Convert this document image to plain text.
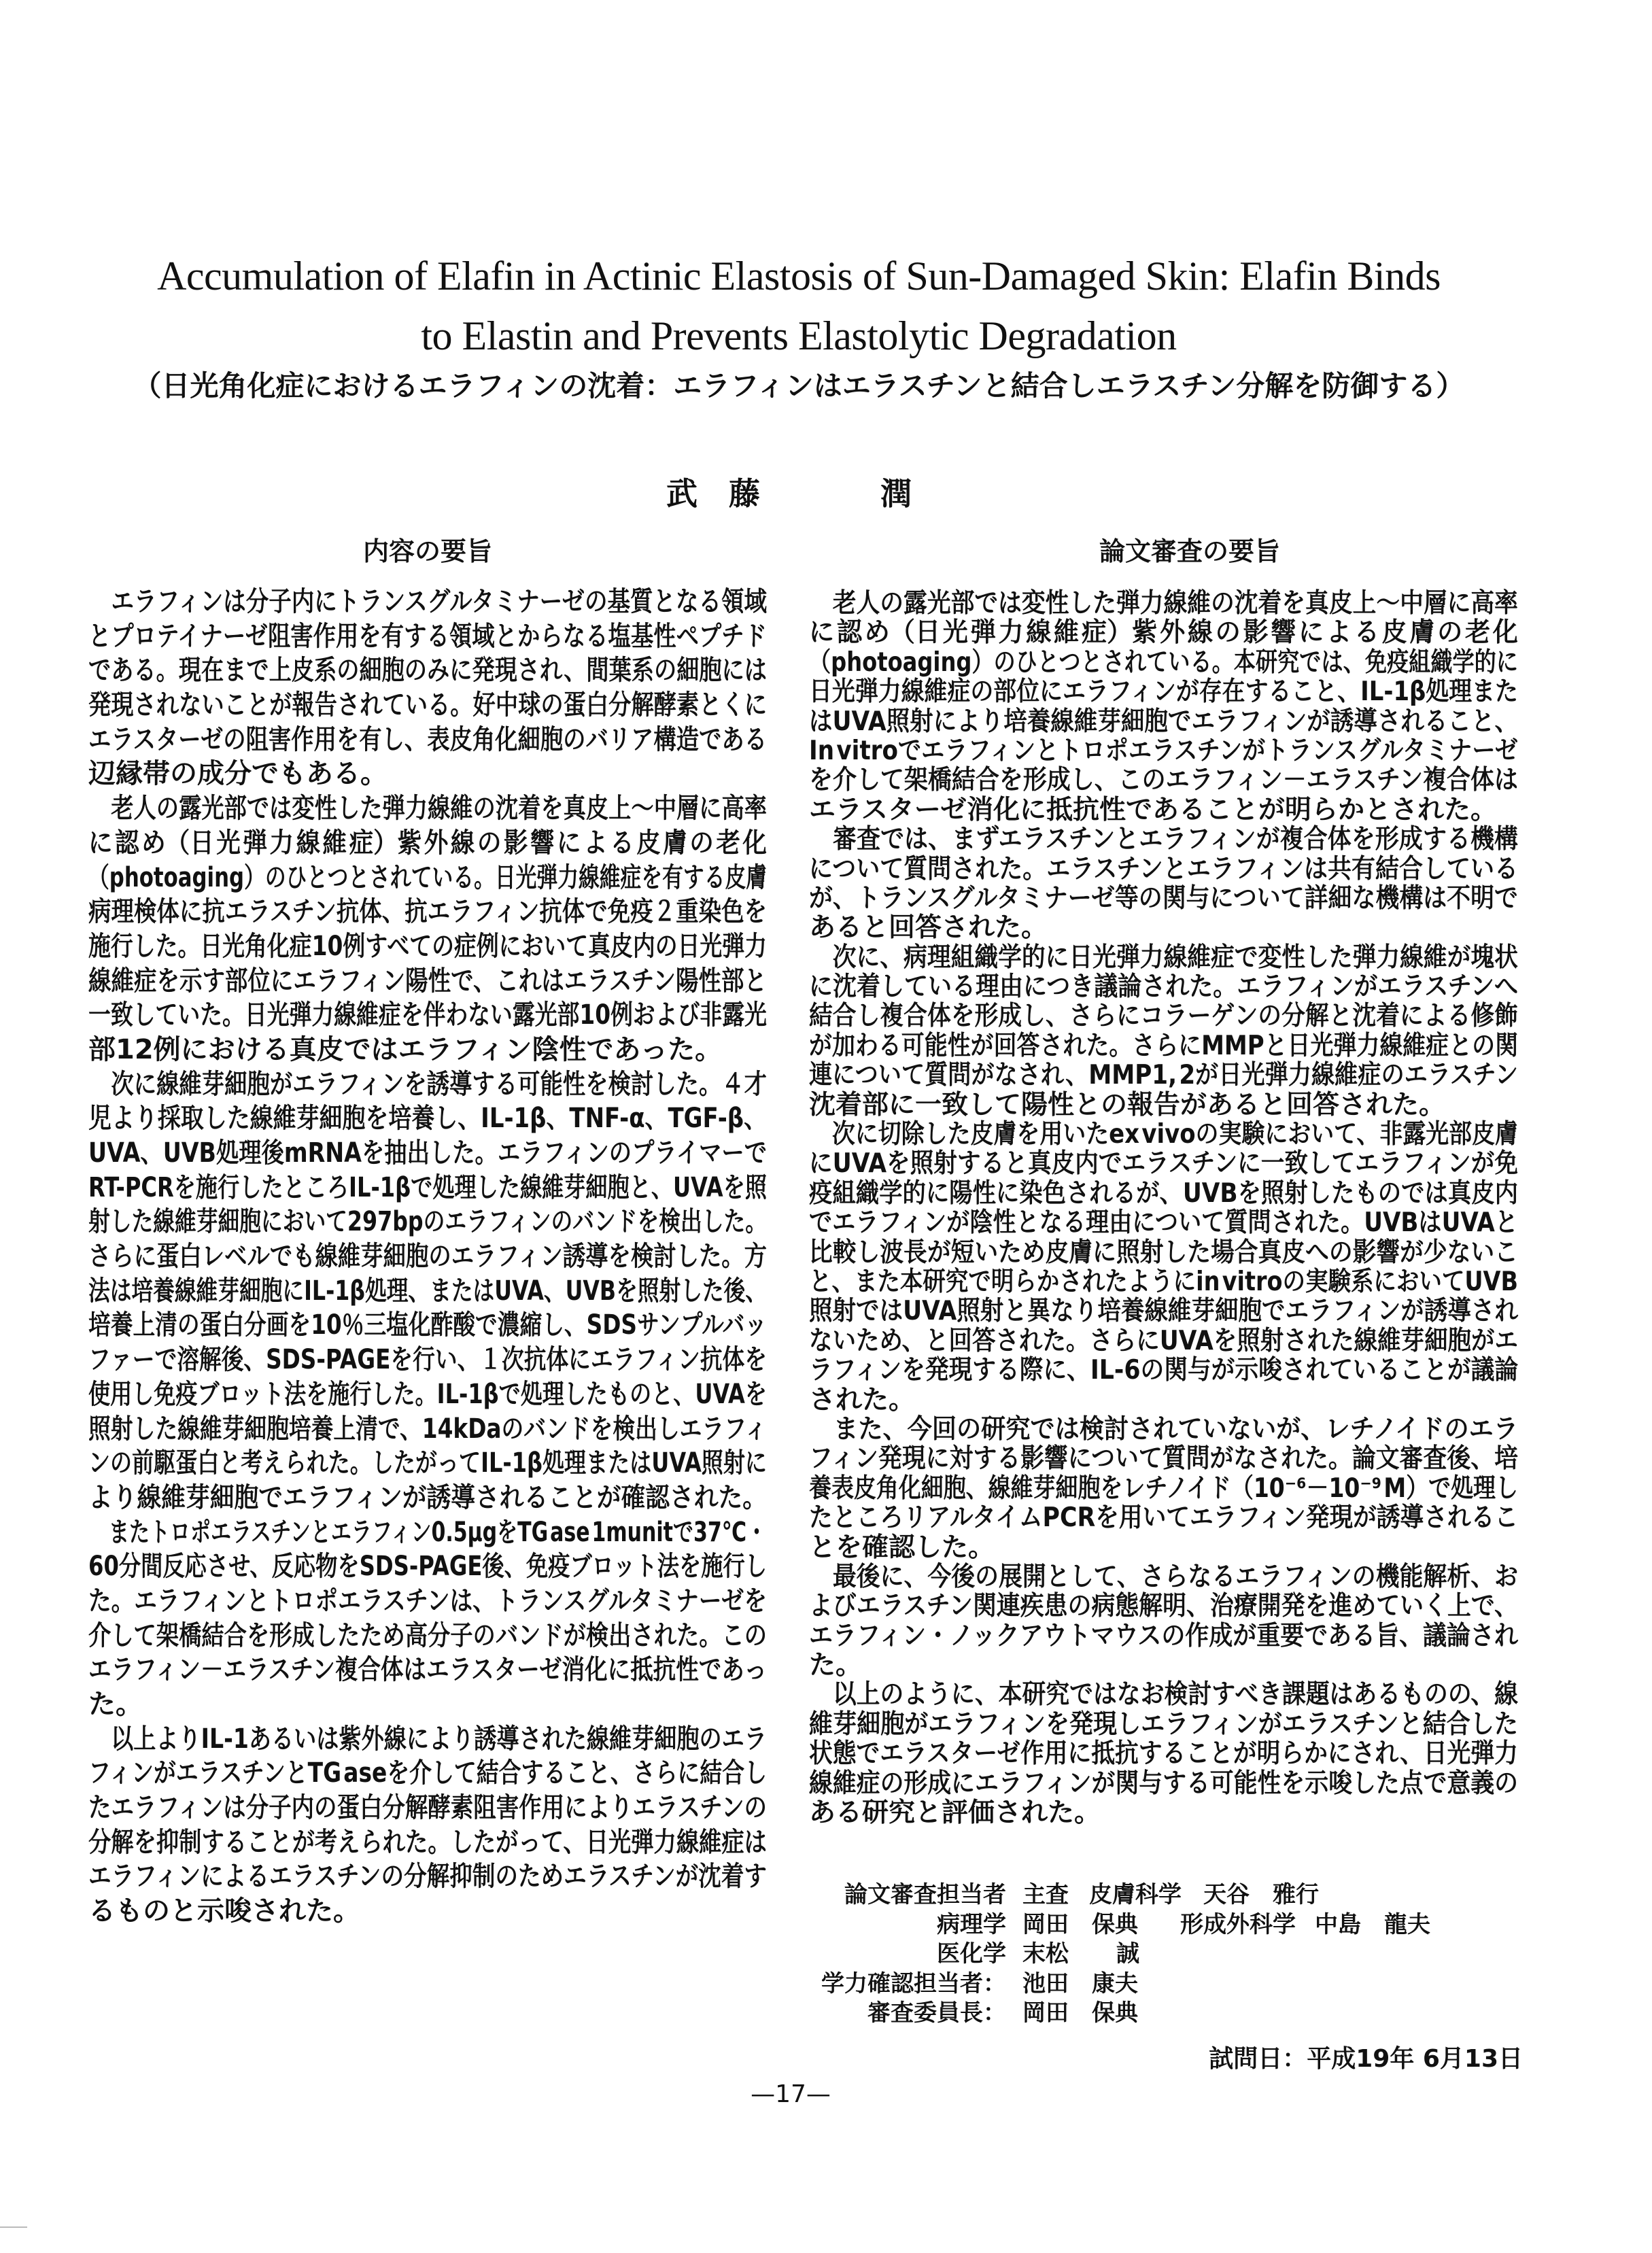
Accumulation of Elafin in Actinic Elastosis of Sun-Damaged Skin: Elafin Binds
to Elastin and Prevents Elastolytic Degradation
（日光角化症におけるエラフィンの沈着：エラフィンはエラスチンと結合しエラスチン分解を防御する）
武 藤	潤
内容の要旨	論文審査の要旨
エラフィンは分子内にトランスグルタミナーゼの基質となる領域
とプロテイナーゼ阻害作用を有する領域とからなる塩基性ペプチド
である。現在まで上皮系の細胞のみに発現され、間葉系の細胞には
発現されないことが報告されている。好中球の蛋白分解酵素とくに
エラスターゼの阻害作用を有し、表皮角化細胞のバリア構造である
辺縁帯の成分でもある。
老人の露光部では変性した弾力線維の沈着を真皮上～中層に高率
に 認 め（日 光 弾 力 線 維 症）紫 外 線 の 影 響 に よ る 皮 膚 の 老 化
（photoaging）のひとつとされている。日光弾力線維症を有する皮膚
病理検体に抗エラスチン抗体、抗エラフィン抗体で免疫２重染色を
施行した。日光角化症10例すべての症例において真皮内の日光弾力
線維症を示す部位にエラフィン陽性で、これはエラスチン陽性部と
一致していた。日光弾力線維症を伴わない露光部10例および非露光
部12例における真皮ではエラフィン陰性であった。
次に線維芽細胞がエラフィンを誘導する可能性を検討した。４才
児より採取した線維芽細胞を培養し、IL-1β、TNF-α、TGF-β、
UVA、UVB処理後mRNAを抽出した。エラフィンのプライマーで
RT-PCRを施行したところIL-1βで処理した線維芽細胞と、UVAを照
射した線維芽細胞において297bpのエラフィンのバンドを検出した。
さらに蛋白レベルでも線維芽細胞のエラフィン誘導を検討した。方
法は培養線維芽細胞にIL-1β処理、またはUVA、UVBを照射した後、
培養上清の蛋白分画を10％三塩化酢酸で濃縮し、SDSサンプルバッ
ファーで溶解後、SDS-PAGEを行い、１次抗体にエラフィン抗体を
使用し免疫ブロット法を施行した。IL-1βで処理したものと、UVAを
照射した線維芽細胞培養上清で、14kDaのバンドを検出しエラフィ
ンの前駆蛋白と考えられた。したがってIL-1β処理またはUVA照射に
より線維芽細胞でエラフィンが誘導されることが確認された。
またトロポエラスチンとエラフィン0.5μgをTG ase 1munitで37℃・
60分間反応させ、反応物をSDS-PAGE後、免疫ブロット法を施行し
た。エラフィンとトロポエラスチンは、トランスグルタミナーゼを
介して架橋結合を形成したため高分子のバンドが検出された。この
エラフィン－エラスチン複合体はエラスターゼ消化に抵抗性であっ
た。
以上よりIL-1あるいは紫外線により誘導された線維芽細胞のエラ
フィンがエラスチンとTG aseを介して結合すること、さらに結合し
たエラフィンは分子内の蛋白分解酵素阻害作用によりエラスチンの
分解を抑制することが考えられた。したがって、日光弾力線維症は
エラフィンによるエラスチンの分解抑制のためエラスチンが沈着す
るものと示唆された。
老人の露光部では変性した弾力線維の沈着を真皮上～中層に高率
に 認 め（日 光 弾 力 線 維 症）紫 外 線 の 影 響 に よ る 皮 膚 の 老 化
（photoaging）のひとつとされている。本研究では、免疫組織学的に
日光弾力線維症の部位にエラフィンが存在すること、IL-1β処理また
はUVA照射により培養線維芽細胞でエラフィンが誘導されること、
In vitroでエラフィンとトロポエラスチンがトランスグルタミナーゼ
を介して架橋結合を形成し、このエラフィン－エラスチン複合体は
エラスターゼ消化に抵抗性であることが明らかとされた。
審査では、まずエラスチンとエラフィンが複合体を形成する機構
について質問された。エラスチンとエラフィンは共有結合している
が、トランスグルタミナーゼ等の関与について詳細な機構は不明で
あると回答された。
次に、病理組織学的に日光弾力線維症で変性した弾力線維が塊状
に沈着している理由につき議論された。エラフィンがエラスチンへ
結合し複合体を形成し、さらにコラーゲンの分解と沈着による修飾
が加わる可能性が回答された。さらにMMPと日光弾力線維症との関
連について質問がなされ、MMP1, 2が日光弾力線維症のエラスチン
沈着部に一致して陽性との報告があると回答された。
次に切除した皮膚を用いたex vivoの実験において、非露光部皮膚
にUVAを照射すると真皮内でエラスチンに一致してエラフィンが免
疫組織学的に陽性に染色されるが、UVBを照射したものでは真皮内
でエラフィンが陰性となる理由について質問された。UVBはUVAと
比較し波長が短いため皮膚に照射した場合真皮への影響が少ないこ
と、また本研究で明らかされたようにin vitroの実験系においてUVB
照射ではUVA照射と異なり培養線維芽細胞でエラフィンが誘導され
ないため、と回答された。さらにUVAを照射された線維芽細胞がエ
ラフィンを発現する際に、IL-6の関与が示唆されていることが議論
された。
また、今回の研究では検討されていないが、レチノイドのエラ
フィン発現に対する影響について質問がなされた。論文審査後、培
養表皮角化細胞、線維芽細胞をレチノイド（10⁻⁶－10⁻⁹ M）で処理し
たところリアルタイムPCRを用いてエラフィン発現が誘導されるこ
とを確認した。
最後に、今後の展開として、さらなるエラフィンの機能解析、お
よびエラスチン関連疾患の病態解明、治療開発を進めていく上で、
エラフィン・ノックアウトマウスの作成が重要である旨、議論され
た。
以上のように、本研究ではなお検討すべき課題はあるものの、線
維芽細胞がエラフィンを発現しエラフィンがエラスチンと結合した
状態でエラスターゼ作用に抵抗することが明らかにされ、日光弾力
線維症の形成にエラフィンが関与する可能性を示唆した点で意義の
ある研究と評価された。
論文審査担当者 主査 皮膚科学 天谷 雅行
病理学 岡田 保典 形成外科学 中島 龍夫
医化学 末松	誠
学力確認担当者： 池田 康夫
審査委員長： 岡田 保典
試問日：平成19年 6月13日
—17—
